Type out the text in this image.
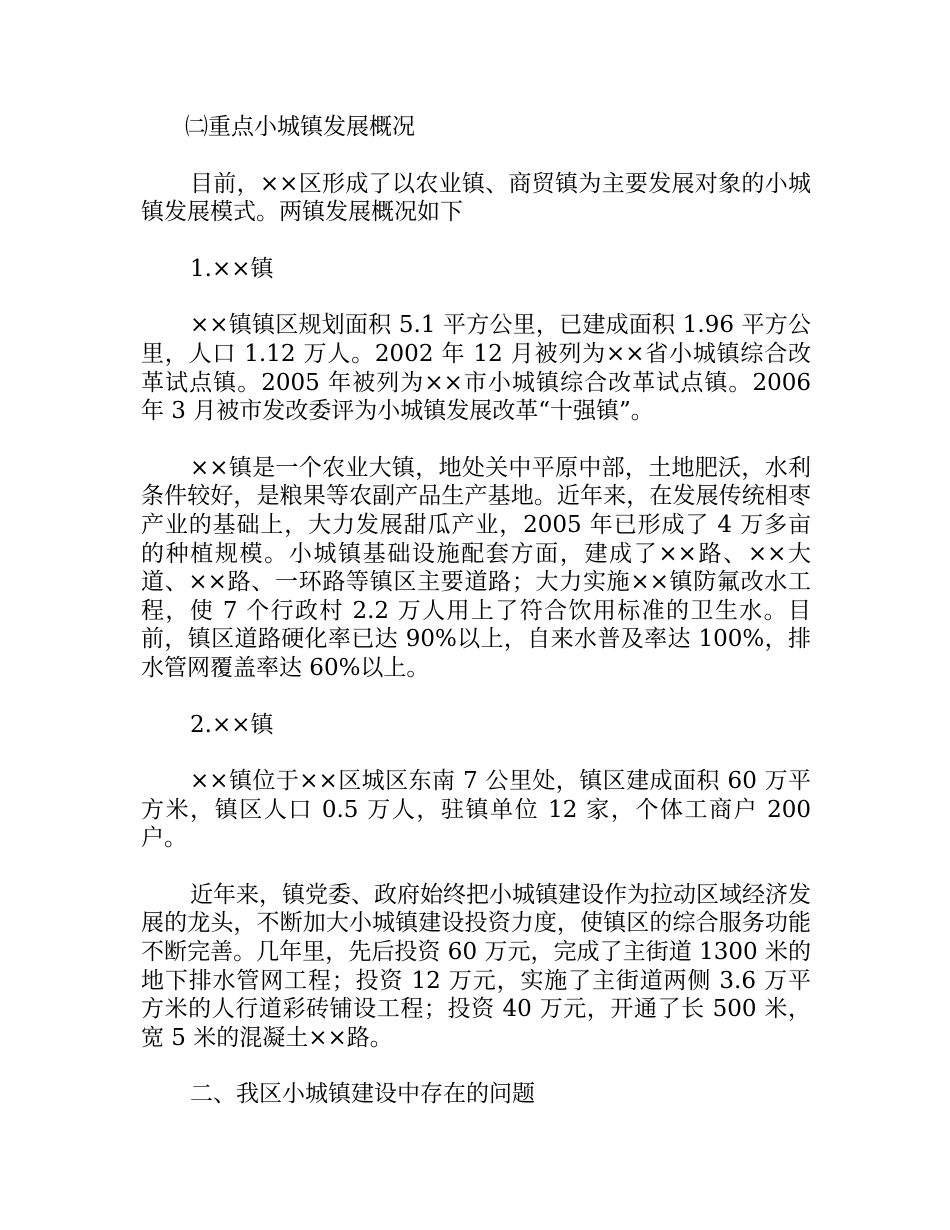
㈡重点小城镇发展概况

目前，××区形成了以农业镇、商贸镇为主要发展对象的小城镇发展模式。两镇发展概况如下

1.××镇

××镇镇区规划面积 5.1 平方公里，已建成面积 1.96 平方公里，人口 1.12 万人。2002 年 12 月被列为××省小城镇综合改革试点镇。2005 年被列为××市小城镇综合改革试点镇。2006 年 3 月被市发改委评为小城镇发展改革“十强镇”。

××镇是一个农业大镇，地处关中平原中部，土地肥沃，水利条件较好，是粮果等农副产品生产基地。近年来，在发展传统相枣产业的基础上，大力发展甜瓜产业，2005 年已形成了 4 万多亩的种植规模。小城镇基础设施配套方面，建成了××路、××大道、××路、一环路等镇区主要道路；大力实施××镇防氟改水工程，使 7 个行政村 2.2 万人用上了符合饮用标准的卫生水。目前，镇区道路硬化率已达 90%以上，自来水普及率达 100%，排水管网覆盖率达 60%以上。

2.××镇

××镇位于××区城区东南 7 公里处，镇区建成面积 60 万平方米，镇区人口 0.5 万人，驻镇单位 12 家，个体工商户 200 户。

近年来，镇党委、政府始终把小城镇建设作为拉动区域经济发展的龙头，不断加大小城镇建设投资力度，使镇区的综合服务功能不断完善。几年里，先后投资 60 万元，完成了主街道 1300 米的地下排水管网工程；投资 12 万元，实施了主街道两侧 3.6 万平方米的人行道彩砖铺设工程；投资 40 万元，开通了长 500 米，宽 5 米的混凝土××路。

二、我区小城镇建设中存在的问题
